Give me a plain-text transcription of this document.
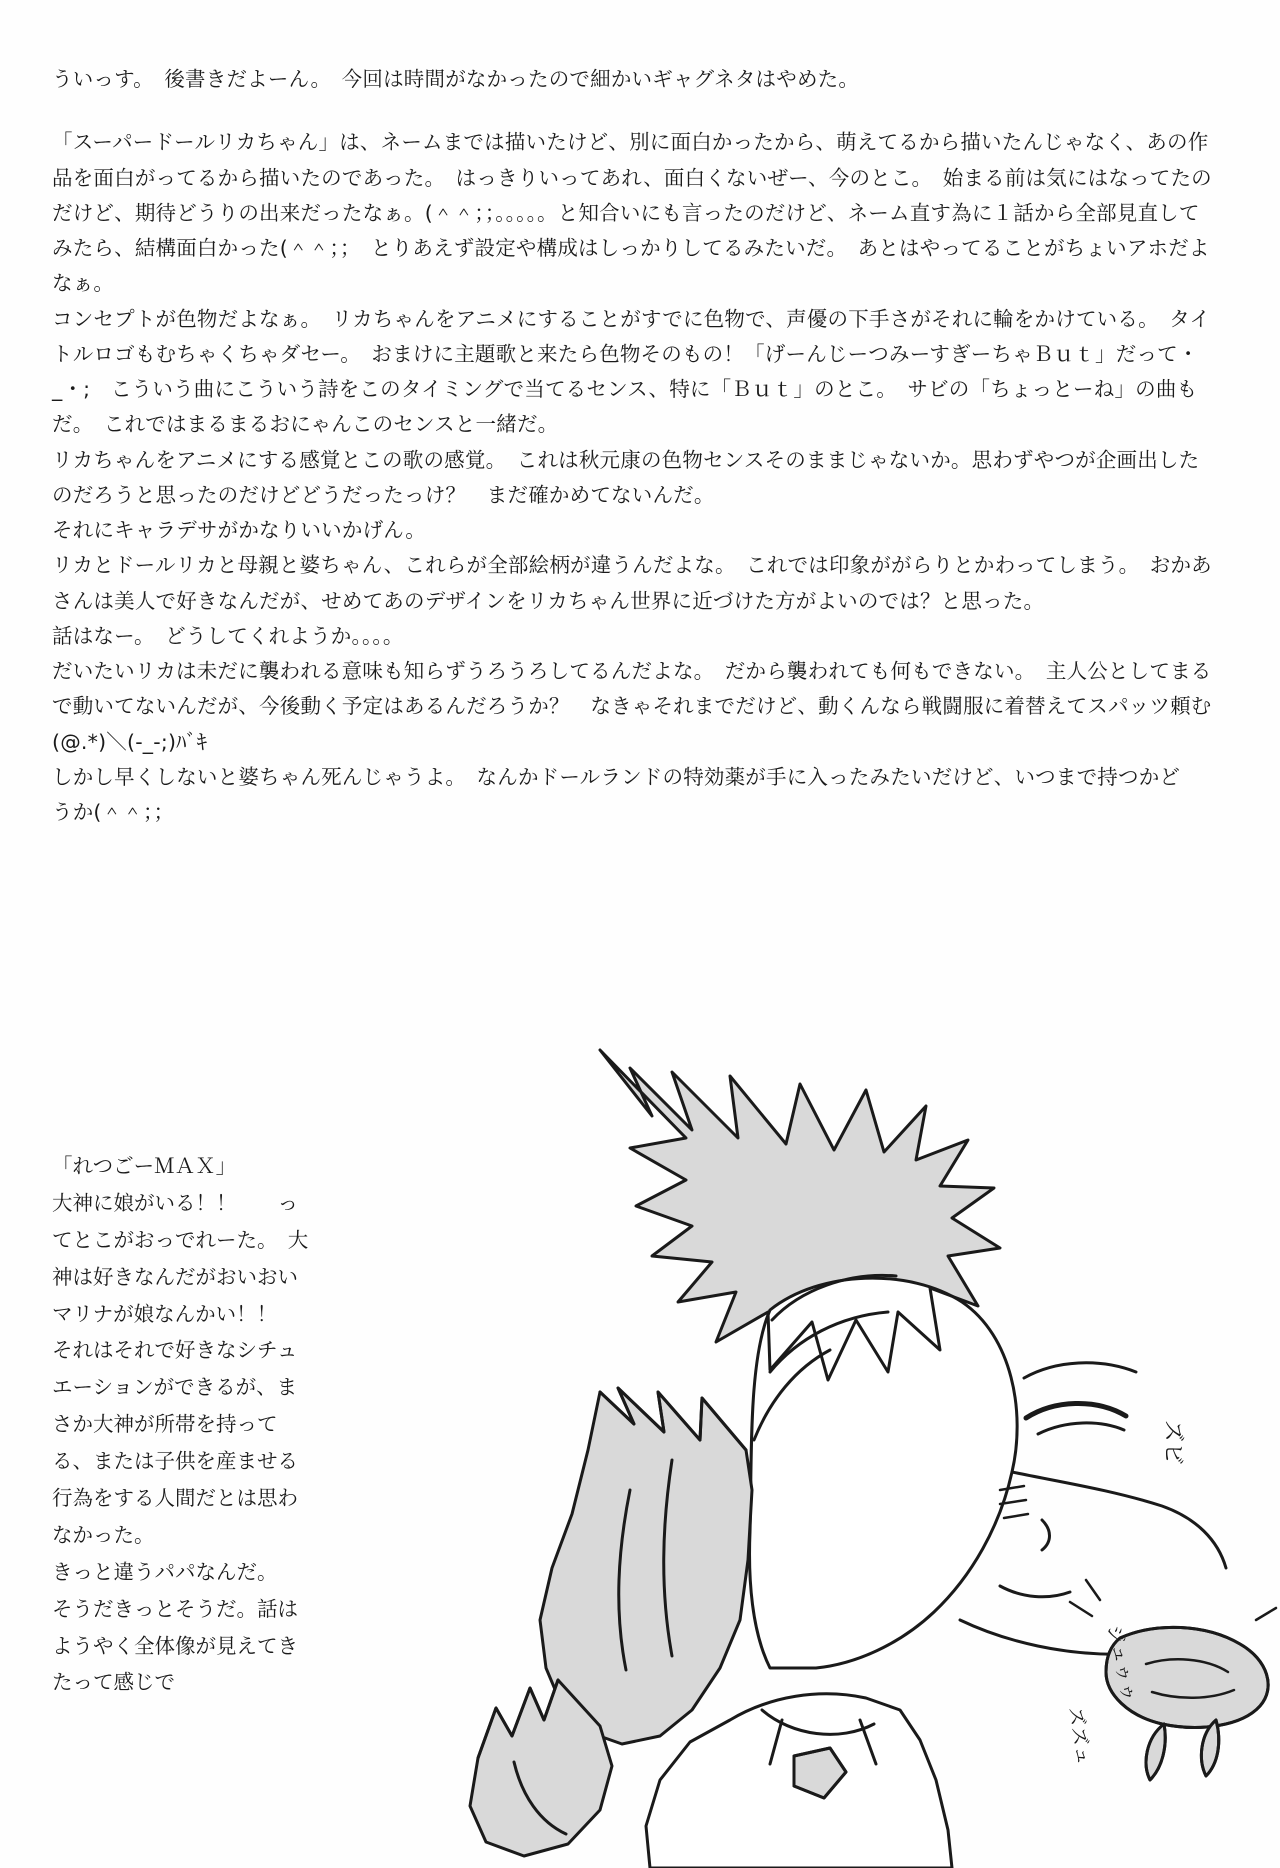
ういっす。　後書きだよーん。　今回は時間がなかったので細かいギャグネタはやめた。

「スーパードールリカちゃん」は、ネームまでは描いたけど、別に面白かったから、萌えてるから描いたんじゃなく、あの作品を面白がってるから描いたのであった。　はっきりいってあれ、面白くないぜー、今のとこ。　始まる前は気にはなってたのだけど、期待どうりの出来だったなぁ。(＾＾；；。。。。。と知合いにも言ったのだけど、ネーム直す為に１話から全部見直してみたら、結構面白かった(＾＾；；　とりあえず設定や構成はしっかりしてるみたいだ。　あとはやってることがちょいアホだよなぁ。

コンセプトが色物だよなぁ。　リカちゃんをアニメにすることがすでに色物で、声優の下手さがそれに輪をかけている。　タイトルロゴもむちゃくちゃダセー。　おまけに主題歌と来たら色物そのもの！「げーんじーつみーすぎーちゃＢｕｔ」だって・_・;　こういう曲にこういう詩をこのタイミングで当てるセンス、特に「Ｂｕｔ」のとこ。　サビの「ちょっとーね」の曲もだ。　これではまるまるおにゃんこのセンスと一緒だ。

リカちゃんをアニメにする感覚とこの歌の感覚。　これは秋元康の色物センスそのままじゃないか。思わずやつが企画出したのだろうと思ったのだけどどうだったっけ？　まだ確かめてないんだ。

それにキャラデサがかなりいいかげん。

リカとドールリカと母親と婆ちゃん、これらが全部絵柄が違うんだよな。　これでは印象ががらりとかわってしまう。　おかあさんは美人で好きなんだが、せめてあのデザインをリカちゃん世界に近づけた方がよいのでは？と思った。

話はなー。　どうしてくれようか。。。。

だいたいリカは未だに襲われる意味も知らずうろうろしてるんだよな。　だから襲われても何もできない。　主人公としてまるで動いてないんだが、今後動く予定はあるんだろうか？　なきゃそれまでだけど、動くんなら戦闘服に着替えてスパッツ頼む(@.*)＼(-_-;)ﾊﾞｷ

しかし早くしないと婆ちゃん死んじゃうよ。　なんかドールランドの特効薬が手に入ったみたいだけど、いつまで持つかど

うか(＾＾；；

「れつごーＭＡＸ」

大神に娘がいる！！　　ってとこがおっでれーた。　大神は好きなんだがおいおいマリナが娘なんかい！！

それはそれで好きなシチュエーションができるが、まさか大神が所帯を持ってる、または子供を産ませる行為をする人間だとは思わなかった。

きっと違うパパなんだ。　　そうだきっとそうだ。話はようやく全体像が見えてきたって感じで

ズビ
ジュゥゥ
ズズュ
